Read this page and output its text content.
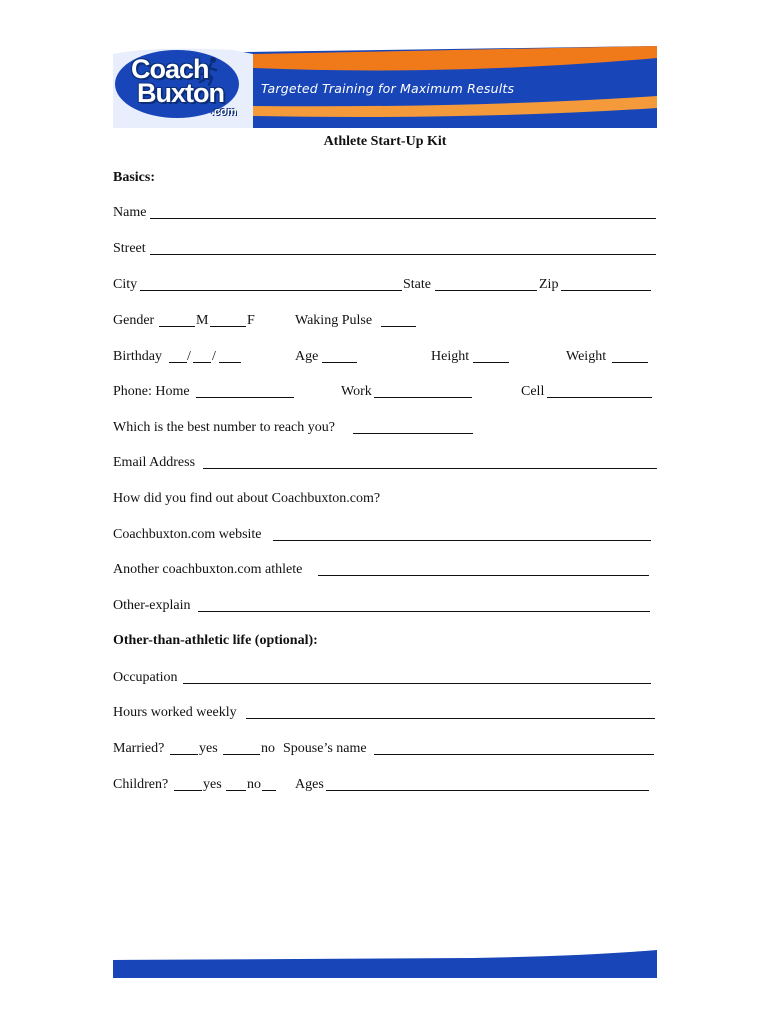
Coach
Buxton
.com
Targeted Training for Maximum Results
Athlete Start-Up Kit
Basics:
Name
Street
City	State	Zip
Gender	M	F	Waking Pulse
Birthday / /	Age	Height	Weight
Phone: Home	Work	Cell
Which is the best number to reach you?
Email Address
How did you find out about Coachbuxton.com?
Coachbuxton.com website
Another coachbuxton.com athlete
Other-explain
Other-than-athletic life (optional):
Occupation
Hours worked weekly
Married? yes	no Spouse’s name
Children? yes no Ages
